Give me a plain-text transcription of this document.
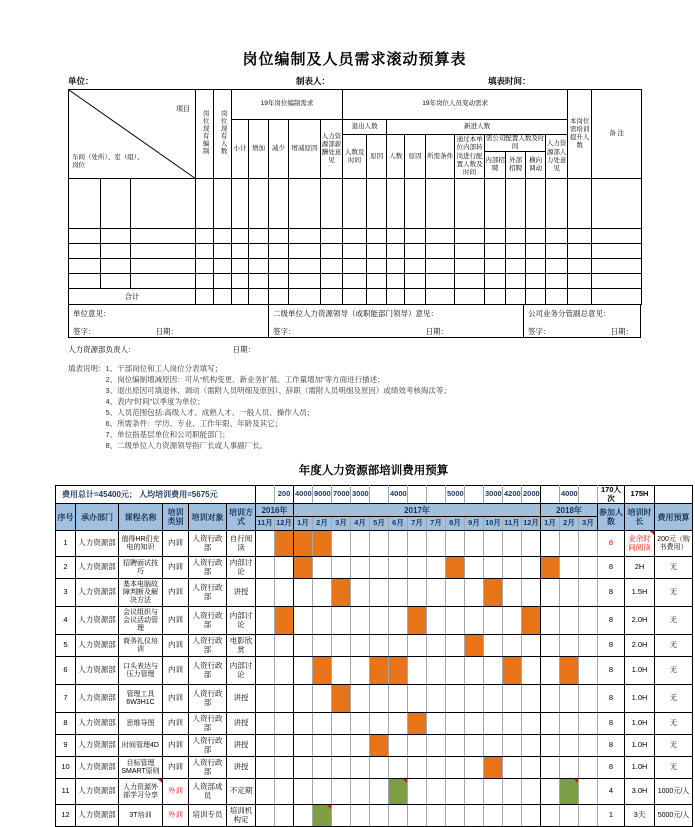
岗位编制及人员需求滚动预算表
单位：	制表人：	填表时间：
项目
车间（处所）、室（组）、岗位			岗位现有编制	岗位现有人数	19年岗位编制需求					19年岗位人员变动需求										本岗位需培训提升人数	备 注
					小计	增加	减少	增减原因	人力资源部薪酬处意见	退出人数		新进人数									
										人数及时间	原因	人数	原因	所需条件	通过本单位内部转岗进行配置人数及时间	需公司配置人数及时间			人力资源部人力处意见		
																内部招聘	外部招聘	横向调动			

合计																					
单位意见：
签字：	日期：
二级单位人力资源领导（或职能部门领导）意见：
签字：	日期：
公司业务分管副总意见：
签字：	日期：
人力资源部负责人：	日期：
填表说明： 1、干部岗位和工人岗位分表填写；
2、岗位编制增减原因：可从“机构变更、新业务扩展、工作量增加”等方面进行描述；
3、退出原因可填退休、调动（需附人员明细及原因）、辞职（需附人员明细及原因）或绩效考核淘汰等；
4、表内“时间”以季度为单位；
5、人员范围包括:高级人才、成熟人才、一般人员、操作人员；
6、所需条件：学历、专业、工作年限、年龄及其它；
7、单位指基层单位和公司职能部门；
8、二级单位人力资源领导指厂长或人事副厂长。
年度人力资源部培训费用预算
费用总计=45400元； 人均培训费用=5675元							200	4000	9000	7000	3000		4000			5000		3000	4200	2000		4000		170人次	175H	
序号	承办部门	课程名称	培训类别	培训对象	培训方式	2016年		2017年													2018年			参加人数	培训时长	费用预算
						11月	12月	1月	2月	3月	4月	5月	6月	7月	7月	8月	9月	10月	11月	12月	1月	2月	3月			
1	人力资源部	值得HR们充电的知识	内训	人资行政部	自行阅读																			8	业余时间阅读	200元（购书费用）
2	人力资源部	招聘面试技巧	内训	人资行政部	内部讨论																			8	2H	无
3	人力资源部	基本电脑故障判断及解决方法	内训	人资行政部	讲授																			8	1.5H	无
4	人力资源部	会议组织与会议活动管理	内训	人资行政部	内部讨论																			8	2.0H	无
5	人力资源部	商务礼仪培训	内训	人资行政部	电影欣赏																			8	2.0H	无
6	人力资源部	口头表达与压力管理	内训	人资行政部	内部讨论																			8	1.0H	无
7	人力资源部	管理工具6W3H1C	内训	人资行政部	讲授																			8	1.0H	无
8	人力资源部	思维导图	内训	人资行政部	讲授																			8	1.0H	无
9	人力资源部	时间管理4D	内训	人资行政部	讲授																			8	1.0H	无
10	人力资源部	目标管理SMART原则	内训	人资行政部	讲授																			8	1.0H	无
11	人力资源部	人力资源外部学习分享	外训	人资部成员	不定期																			4	3.0H	1000元/人
12	人力资源部	3T培训	外训	培训专员	培训机构定																			1	3天	5000元/人
